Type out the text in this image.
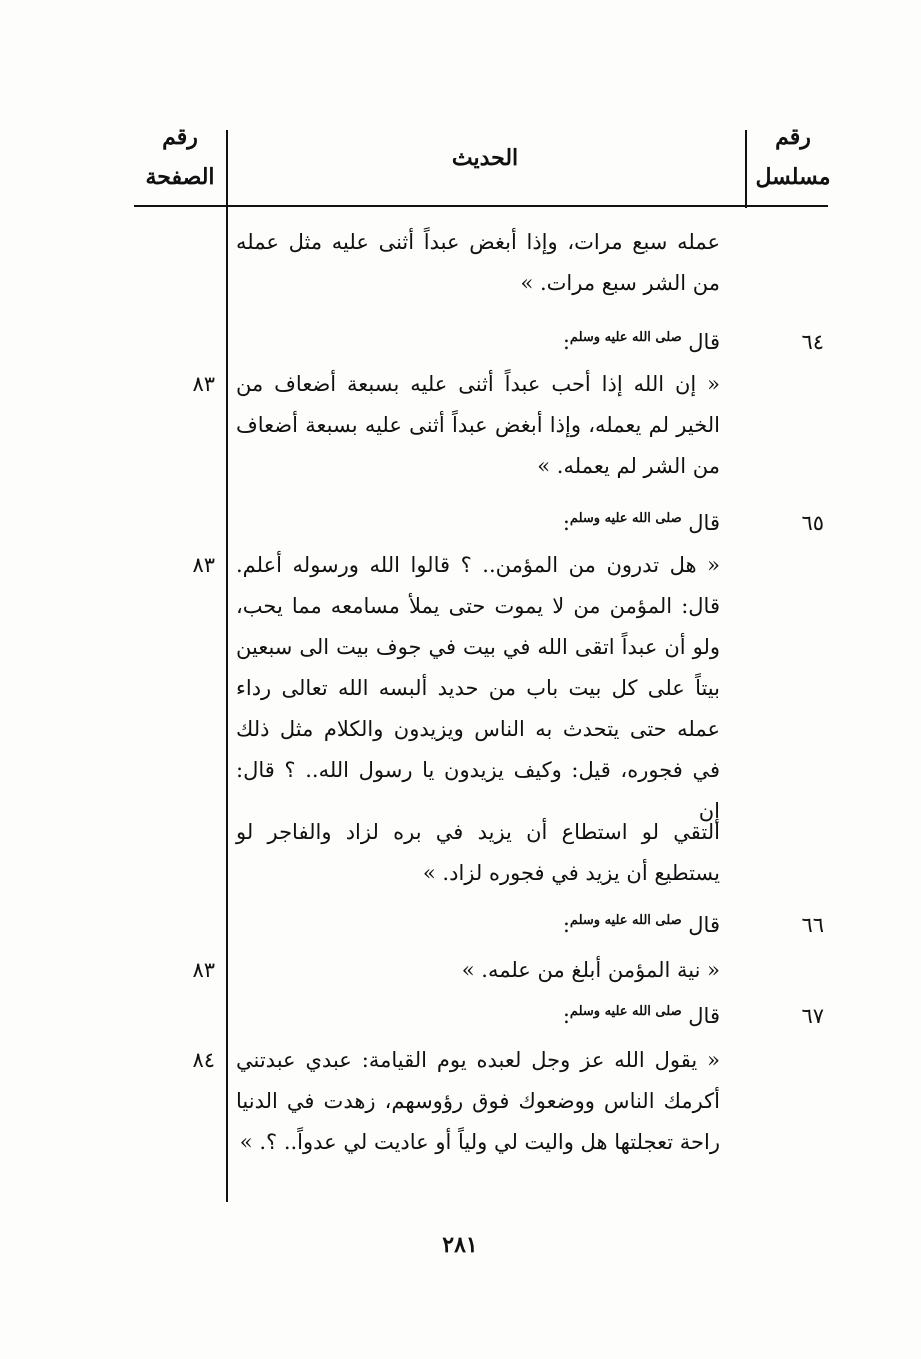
رقم
مسلسل
الحديث
رقم
الصفحة
عمله سبع مرات، وإذا أبغض عبداً أثنى عليه مثل عمله من الشر سبع مرات. »
٦٤
قال $^{صلى الله عليه وسلم}$:
٨٣ « إن الله إذا أحب عبداً أثنى عليه بسبعة أضعاف من الخير لم يعمله، وإذا أبغض عبداً أثنى عليه بسبعة أضعاف من الشر لم يعمله. »
٦٥
قال $^{صلى الله عليه وسلم}$:
٨٣ « هل تدرون من المؤمن.. ؟ قالوا الله ورسوله أعلم. قال: المؤمن من لا يموت حتى يملأ مسامعه مما يحب، ولو أن عبداً اتقى الله في بيت في جوف بيت الى سبعين بيتاً على كل بيت باب من حديد ألبسه الله تعالى رداء عمله حتى يتحدث به الناس ويزيدون والكلام مثل ذلك في فجوره، قيل: وكيف يزيدون يا رسول الله.. ؟ قال: إن
التقي لو استطاع أن يزيد في بره لزاد والفاجر لو يستطيع أن يزيد في فجوره لزاد. »
٦٦
قال $^{صلى الله عليه وسلم}$:
٨٣	« نية المؤمن أبلغ من علمه. »
٦٧
قال $^{صلى الله عليه وسلم}$:
٨٤ « يقول الله عز وجل لعبده يوم القيامة: عبدي عبدتني أكرمك الناس ووضعوك فوق رؤوسهم، زهدت في الدنيا راحة تعجلتها هل واليت لي ولياً أو عاديت لي عدواً.. ؟. »
٢٨١
